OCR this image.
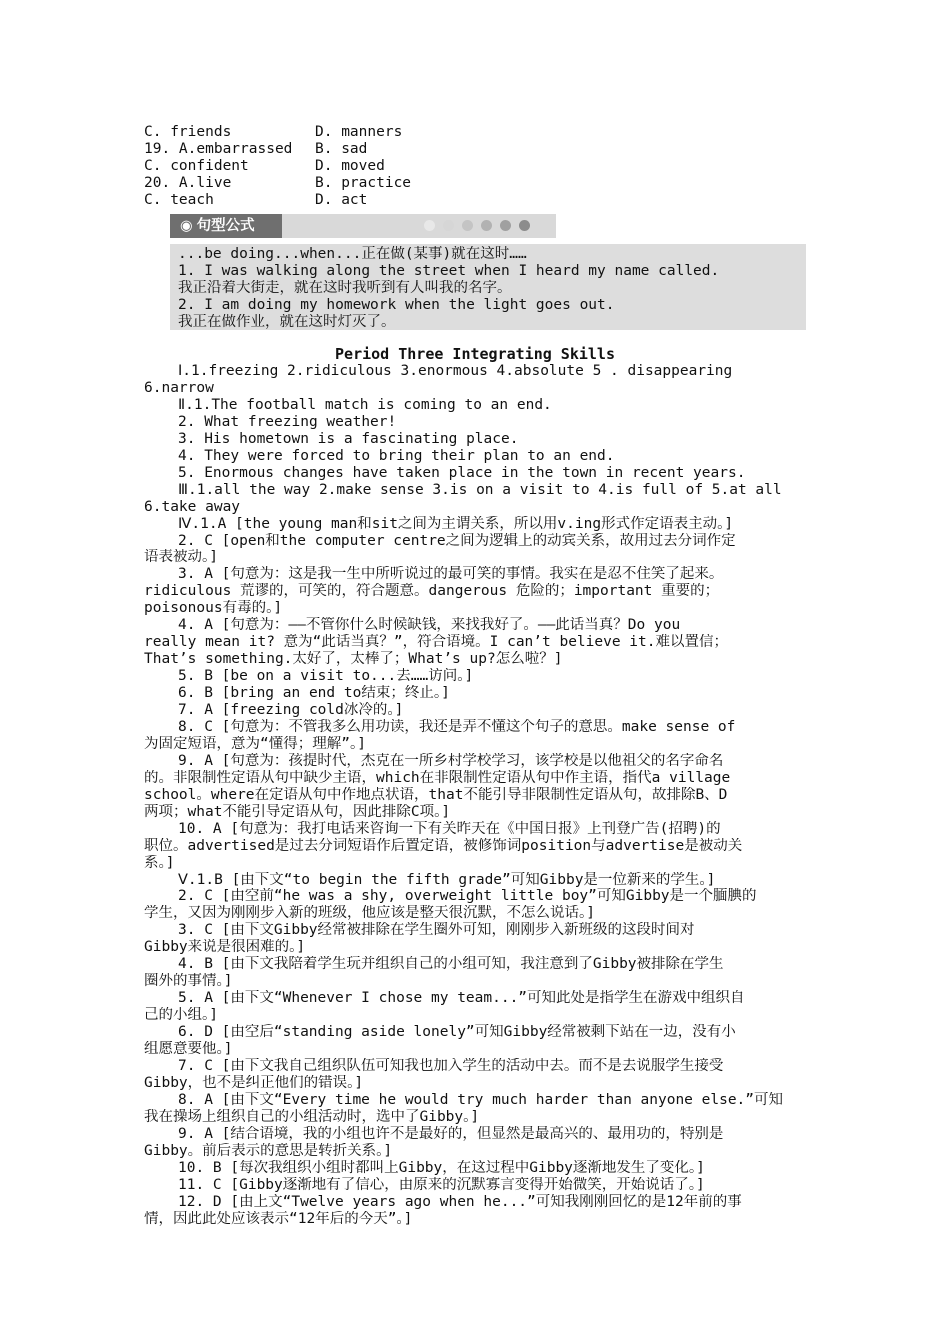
C. friends	D. manners
19. A.embarrassed B. sad
C. confident	D. moved
20. A.live	B. practice
C. teach	D. act
◉ 句型公式
...be doing...when...正在做(某事)就在这时……
1. I was walking along the street when I heard my name called.
我正沿着大街走，就在这时我听到有人叫我的名字。
2. I am doing my homework when the light goes out.
我正在做作业，就在这时灯灭了。
Period Three Integrating Skills
Ⅰ.1.freezing 2.ridiculous 3.enormous 4.absolute 5 . disappearing
6.narrow
Ⅱ.1.The football match is coming to an end.
2. What freezing weather!
3. His hometown is a fascinating place.
4. They were forced to bring their plan to an end.
5. Enormous changes have taken place in the town in recent years.
Ⅲ.1.all the way 2.make sense 3.is on a visit to 4.is full of 5.at all
6.take away
Ⅳ.1.A [the young man和sit之间为主谓关系，所以用v.ing形式作定语表主动。]
2. C [open和the computer centre之间为逻辑上的动宾关系，故用过去分词作定
语表被动。]
3. A [句意为：这是我一生中所听说过的最可笑的事情。我实在是忍不住笑了起来。
ridiculous 荒谬的，可笑的，符合题意。dangerous 危险的；important 重要的；
poisonous有毒的。]
4. A [句意为：——不管你什么时候缺钱，来找我好了。——此话当真？Do you
really mean it? 意为“此话当真？”，符合语境。I can’t believe it.难以置信；
That’s something.太好了，太棒了；What’s up?怎么啦？]
5. B [be on a visit to...去……访问。]
6. B [bring an end to结束；终止。]
7. A [freezing cold冰冷的。]
8. C [句意为：不管我多么用功读，我还是弄不懂这个句子的意思。make sense of
为固定短语，意为“懂得；理解”。]
9. A [句意为：孩提时代，杰克在一所乡村学校学习，该学校是以他祖父的名字命名
的。非限制性定语从句中缺少主语，which在非限制性定语从句中作主语，指代a village
school。where在定语从句中作地点状语，that不能引导非限制性定语从句，故排除B、D
两项；what不能引导定语从句，因此排除C项。]
10. A [句意为：我打电话来咨询一下有关昨天在《中国日报》上刊登广告(招聘)的
职位。advertised是过去分词短语作后置定语，被修饰词position与advertise是被动关
系。]
Ⅴ.1.B [由下文“to begin the fifth grade”可知Gibby是一位新来的学生。]
2. C [由空前“he was a shy, overweight little boy”可知Gibby是一个腼腆的
学生，又因为刚刚步入新的班级，他应该是整天很沉默，不怎么说话。]
3. C [由下文Gibby经常被排除在学生圈外可知，刚刚步入新班级的这段时间对
Gibby来说是很困难的。]
4. B [由下文我陪着学生玩并组织自己的小组可知，我注意到了Gibby被排除在学生
圈外的事情。]
5. A [由下文“Whenever I chose my team...”可知此处是指学生在游戏中组织自
己的小组。]
6. D [由空后“standing aside lonely”可知Gibby经常被剩下站在一边，没有小
组愿意要他。]
7. C [由下文我自己组织队伍可知我也加入学生的活动中去。而不是去说服学生接受
Gibby，也不是纠正他们的错误。]
8. A [由下文“Every time he would try much harder than anyone else.”可知
我在操场上组织自己的小组活动时，选中了Gibby。]
9. A [结合语境，我的小组也许不是最好的，但显然是最高兴的、最用功的，特别是
Gibby。前后表示的意思是转折关系。]
10. B [每次我组织小组时都叫上Gibby，在这过程中Gibby逐渐地发生了变化。]
11. C [Gibby逐渐地有了信心，由原来的沉默寡言变得开始微笑，开始说话了。]
12. D [由上文“Twelve years ago when he...”可知我刚刚回忆的是12年前的事
情，因此此处应该表示“12年后的今天”。]
